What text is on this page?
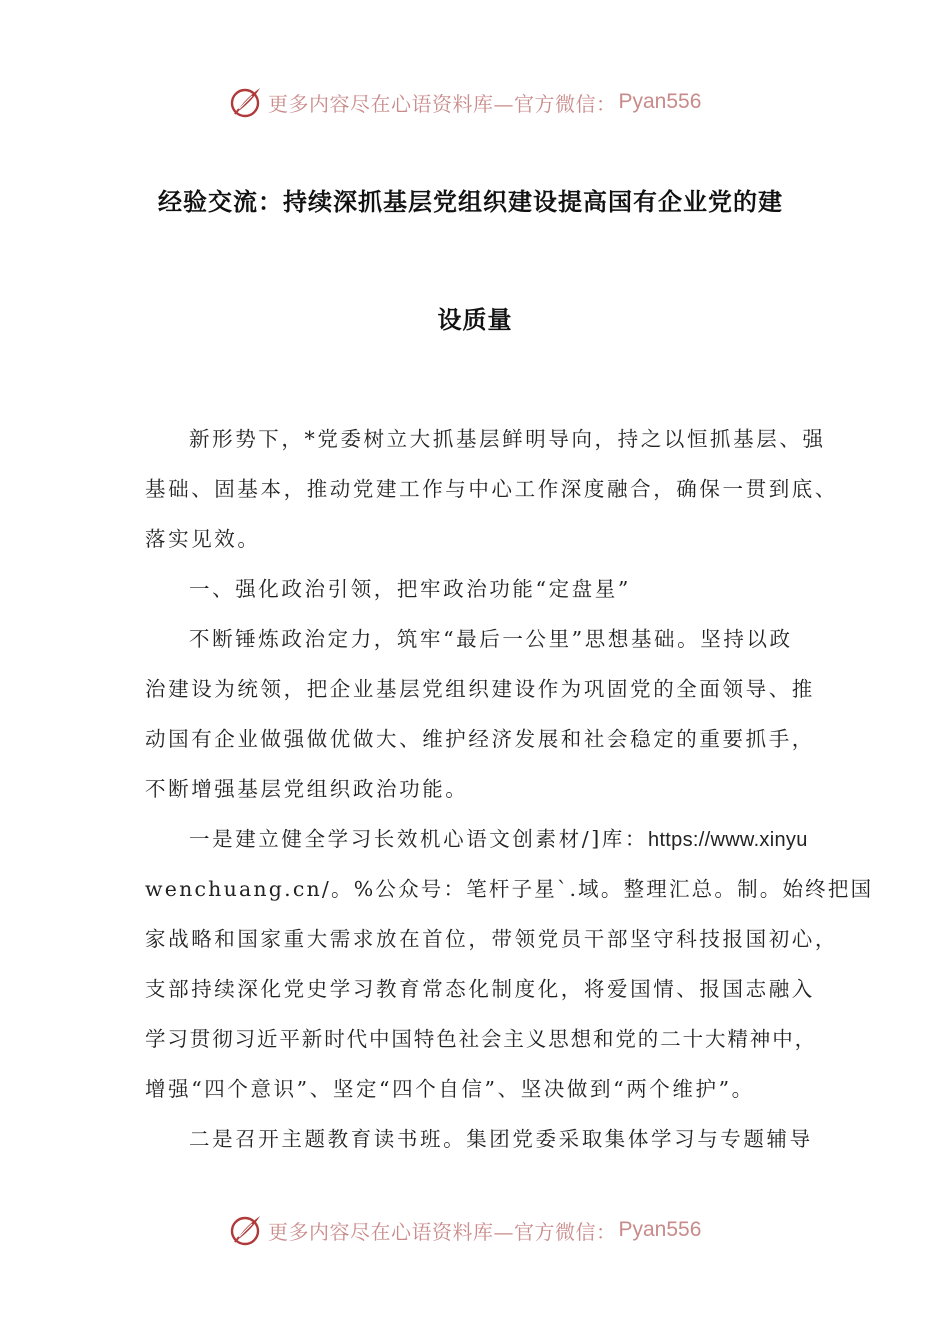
更多内容尽在心语资料库—官方微信： Pyan556
经验交流：持续深抓基层党组织建设提高国有企业党的建
设质量
新形势下，*党委树立大抓基层鲜明导向，持之以恒抓基层、强
基础、固基本，推动党建工作与中心工作深度融合，确保一贯到底、
落实见效。
一、强化政治引领，把牢政治功能“定盘星”
不断锤炼政治定力，筑牢“最后一公里”思想基础。坚持以政
治建设为统领，把企业基层党组织建设作为巩固党的全面领导、推
动国有企业做强做优做大、维护经济发展和社会稳定的重要抓手，
不断增强基层党组织政治功能。
一是建立健全学习长效机心语文创素材/]库：https://www.xinyu
wenchuang.cn/。%公众号：笔杆子星`.域。整理汇总。制。始终把国
家战略和国家重大需求放在首位，带领党员干部坚守科技报国初心，
支部持续深化党史学习教育常态化制度化，将爱国情、报国志融入
学习贯彻习近平新时代中国特色社会主义思想和党的二十大精神中，
增强“四个意识”、坚定“四个自信”、坚决做到“两个维护”。
二是召开主题教育读书班。集团党委采取集体学习与专题辅导
更多内容尽在心语资料库—官方微信： Pyan556
